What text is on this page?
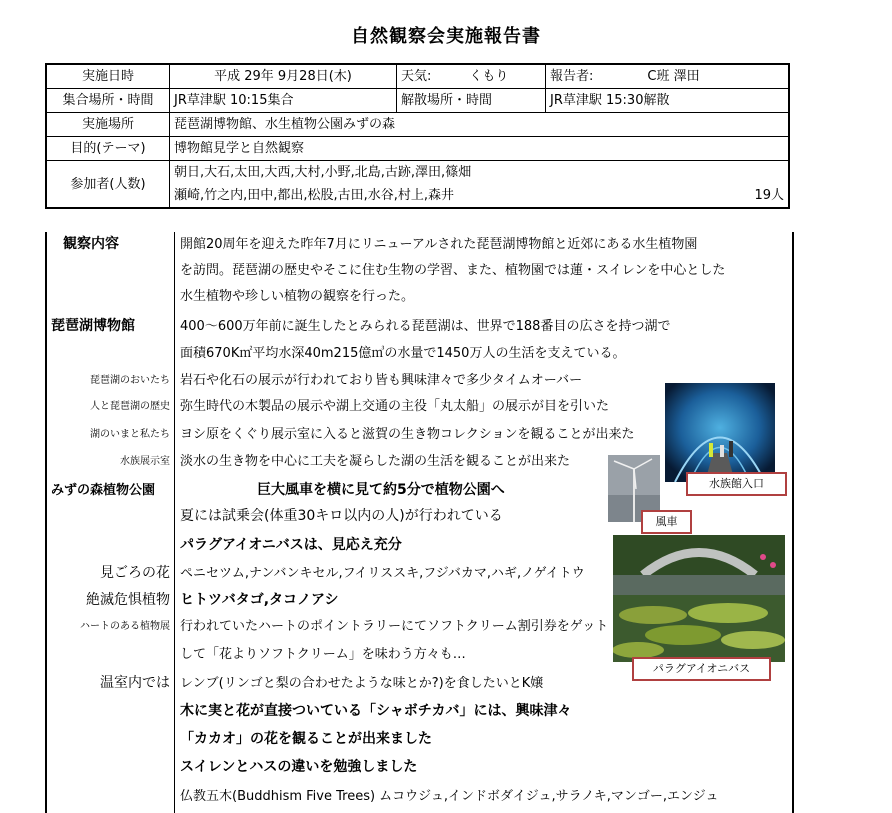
自然観察会実施報告書
実施日時	平成 29年 9月28日(木)	天気: くもり	報告者: C班 澤田
集合場所・時間	JR草津駅 10:15集合	解散場所・時間	JR草津駅 15:30解散
実施場所	琵琶湖博物館、水生植物公園みずの森		
目的(テーマ)	博物館見学と自然観察		
参加者(人数)	朝日,大石,太田,大西,大村,小野,北島,古跡,澤田,篠畑
瀬崎,竹之内,田中,都出,松股,古田,水谷,村上,森井 19人		
観察内容	開館20周年を迎えた昨年7月にリニューアルされた琵琶湖博物館と近郊にある水生植物園
を訪問。琵琶湖の歴史やそこに住む生物の学習、また、植物園では蓮・スイレンを中心とした
水生植物や珍しい植物の観察を行った。
琵琶湖博物館	400〜600万年前に誕生したとみられる琵琶湖は、世界で188番目の広さを持つ湖で
面積670K㎡平均水深40m215億㎥の水量で1450万人の生活を支えている。
琵琶湖のおいたち 岩石や化石の展示が行われており皆も興味津々で多少タイムオーバー
人と琵琶湖の歴史 弥生時代の木製品の展示や湖上交通の主役「丸太船」の展示が目を引いた
湖のいまと私たち ヨシ原をくぐり展示室に入ると滋賀の生き物コレクションを観ることが出来た
水族展示室 淡水の生き物を中心に工夫を凝らした湖の生活を観ることが出来た
みずの森植物公園	巨大風車を横に見て約5分で植物公園へ
夏には試乗会(体重30キロ以内の人)が行われている
パラグアイオニバスは、見応え充分
見ごろの花 ペニセツム,ナンバンキセル,フイリススキ,フジバカマ,ハギ,ノゲイトウ
絶滅危惧植物 ヒトツバタゴ,タコノアシ
ハートのある植物展 行われていたハートのポイントラリーにてソフトクリーム割引券をゲット
して「花よりソフトクリーム」を味わう方々も…
温室内では レンブ(リンゴと梨の合わせたような味とか?)を食したいとK嬢
木に実と花が直接ついている「シャボチカバ」には、興味津々
「カカオ」の花を観ることが出来ました
スイレンとハスの違いを勉強しました
仏教五木(Buddhism Five Trees) ムコウジュ,インドボダイジュ,サラノキ,マンゴー,エンジュ
水族館入口
風車
パラグアイオニバス
